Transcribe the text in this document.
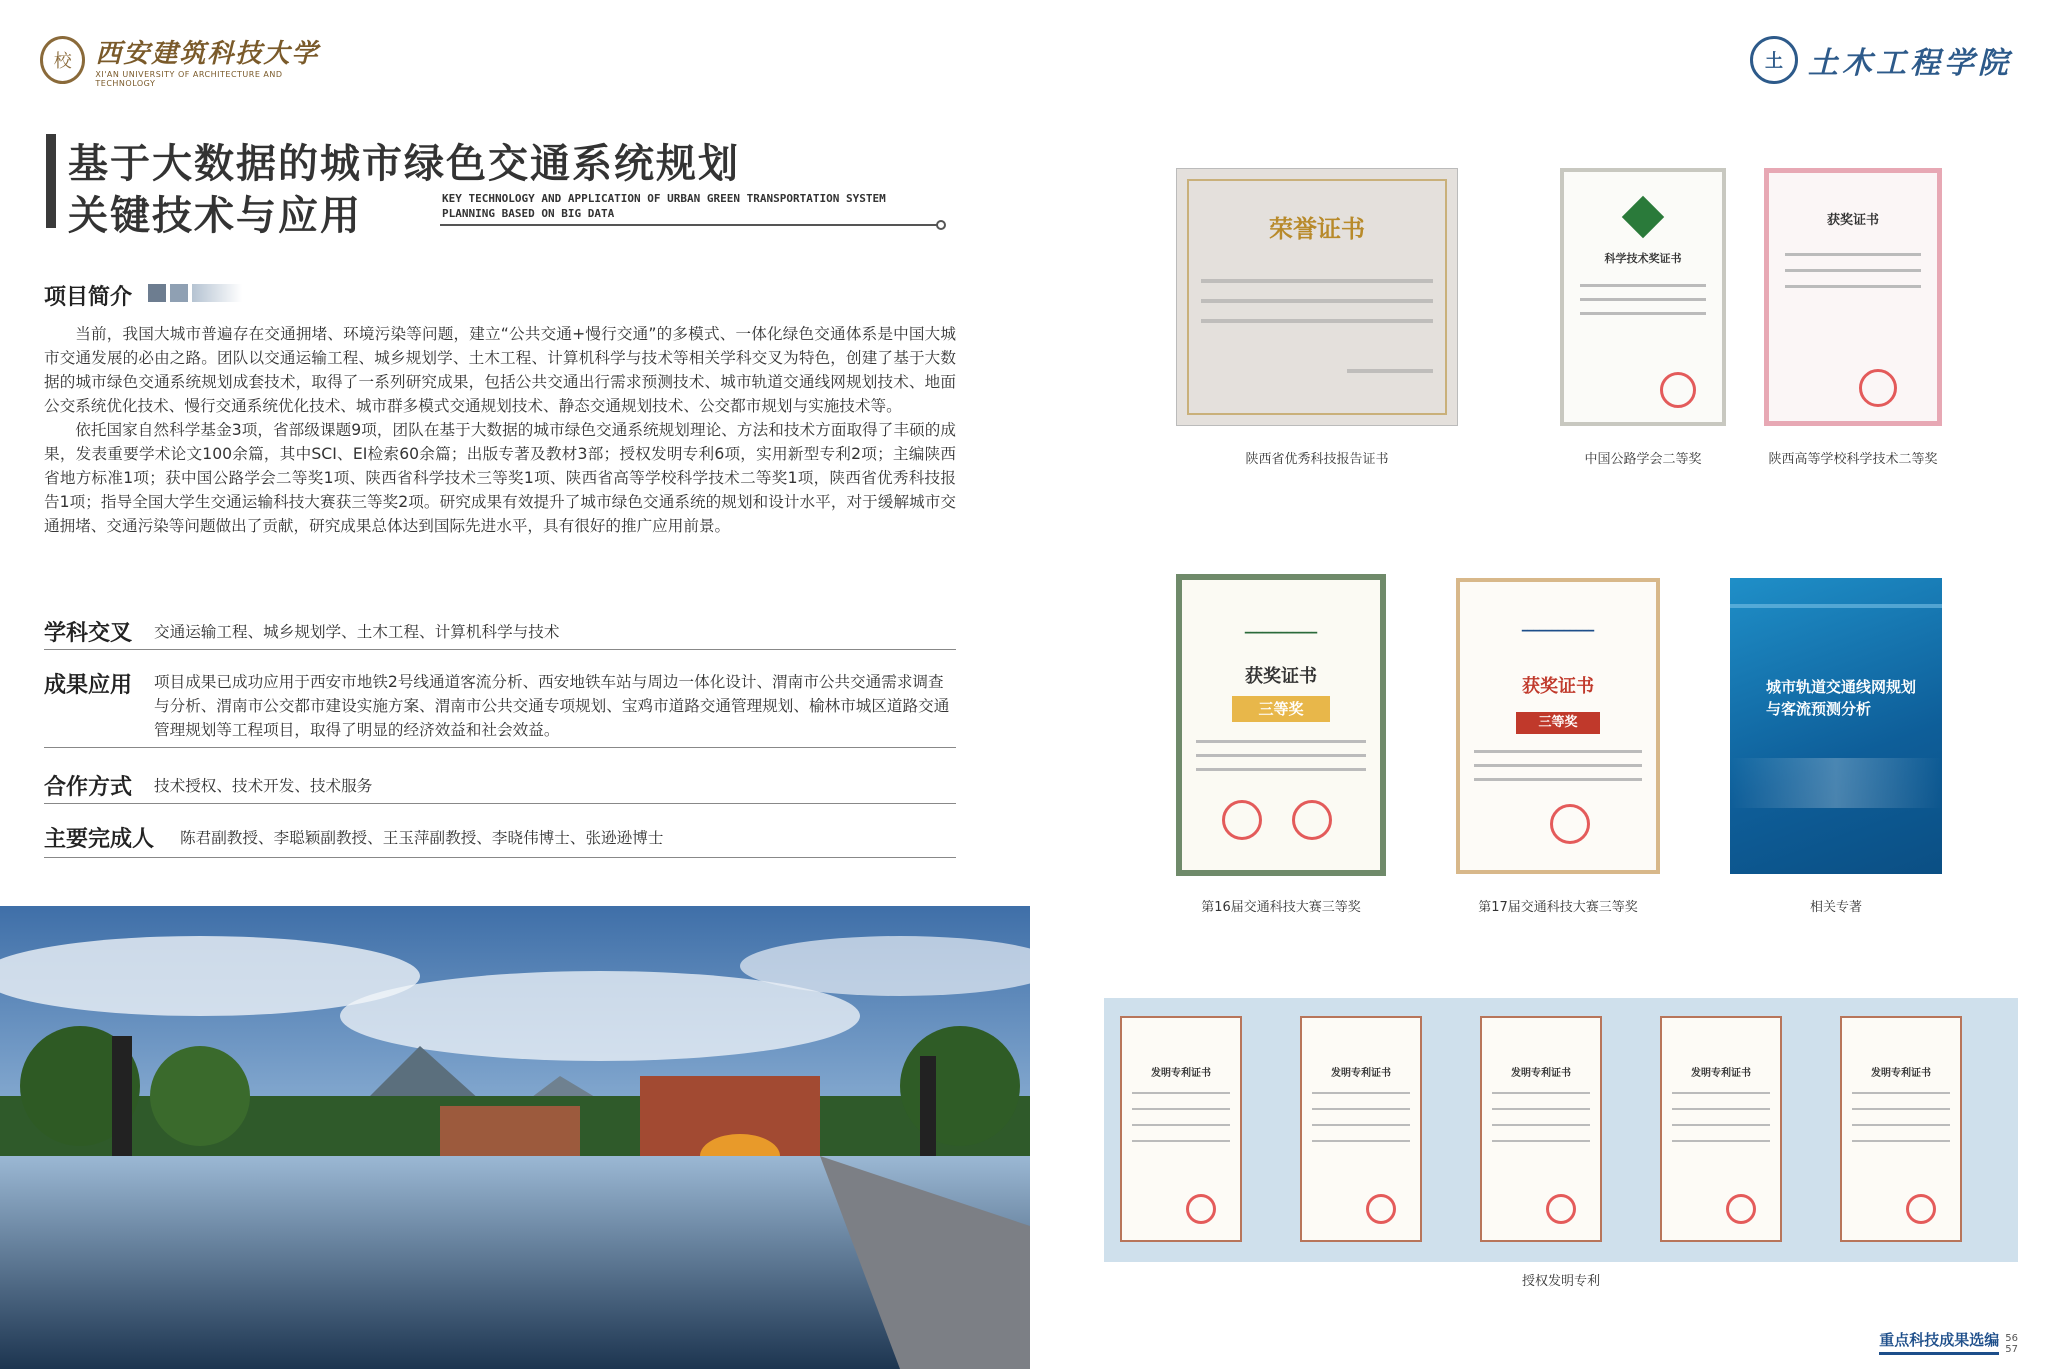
校 西安建筑科技大学
XI'AN UNIVERSITY OF ARCHITECTURE AND TECHNOLOGY
土 土木工程学院
基于大数据的城市绿色交通系统规划
关键技术与应用	KEY TECHNOLOGY AND APPLICATION OF URBAN GREEN TRANSPORTATION SYSTEM
PLANNING BASED ON BIG DATA
项目简介

当前，我国大城市普遍存在交通拥堵、环境污染等问题，建立“公共交通+慢行交通”的多模式、一体化绿色交通体系是中国大城市交通发展的必由之路。团队以交通运输工程、城乡规划学、土木工程、计算机科学与技术等相关学科交叉为特色，创建了基于大数据的城市绿色交通系统规划成套技术，取得了一系列研究成果，包括公共交通出行需求预测技术、城市轨道交通线网规划技术、地面公交系统优化技术、慢行交通系统优化技术、城市群多模式交通规划技术、静态交通规划技术、公交都市规划与实施技术等。

依托国家自然科学基金3项，省部级课题9项，团队在基于大数据的城市绿色交通系统规划理论、方法和技术方面取得了丰硕的成果，发表重要学术论文100余篇，其中SCI、EI检索60余篇；出版专著及教材3部；授权发明专利6项，实用新型专利2项；主编陕西省地方标准1项；获中国公路学会二等奖1项、陕西省科学技术三等奖1项、陕西省高等学校科学技术二等奖1项，陕西省优秀科技报告1项；指导全国大学生交通运输科技大赛获三等奖2项。研究成果有效提升了城市绿色交通系统的规划和设计水平，对于缓解城市交通拥堵、交通污染等问题做出了贡献，研究成果总体达到国际先进水平，具有很好的推广应用前景。

学科交叉 交通运输工程、城乡规划学、土木工程、计算机科学与技术
成果应用 项目成果已成功应用于西安市地铁2号线通道客流分析、西安地铁车站与周边一体化设计、渭南市公共交通需求调查与分析、渭南市公交都市建设实施方案、渭南市公共交通专项规划、宝鸡市道路交通管理规划、榆林市城区道路交通管理规划等工程项目，取得了明显的经济效益和社会效益。
合作方式 技术授权、技术开发、技术服务
主要完成人 陈君副教授、李聪颖副教授、王玉萍副教授、李晓伟博士、张逊逊博士
荣誉证书
陕西省优秀科技报告证书
科学技术奖证书
中国公路学会二等奖
获奖证书
陕西高等学校科学技术二等奖
━━━━━━━━━━━━
获奖证书
三等奖
第16届交通科技大赛三等奖
━━━━━━━━━━━━
获奖证书
三等奖
第17届交通科技大赛三等奖
城市轨道交通线网规划与客流预测分析
相关专著
发明专利证书	发明专利证书	发明专利证书	发明专利证书	发明专利证书
授权发明专利
重点科技成果选编 56
57
